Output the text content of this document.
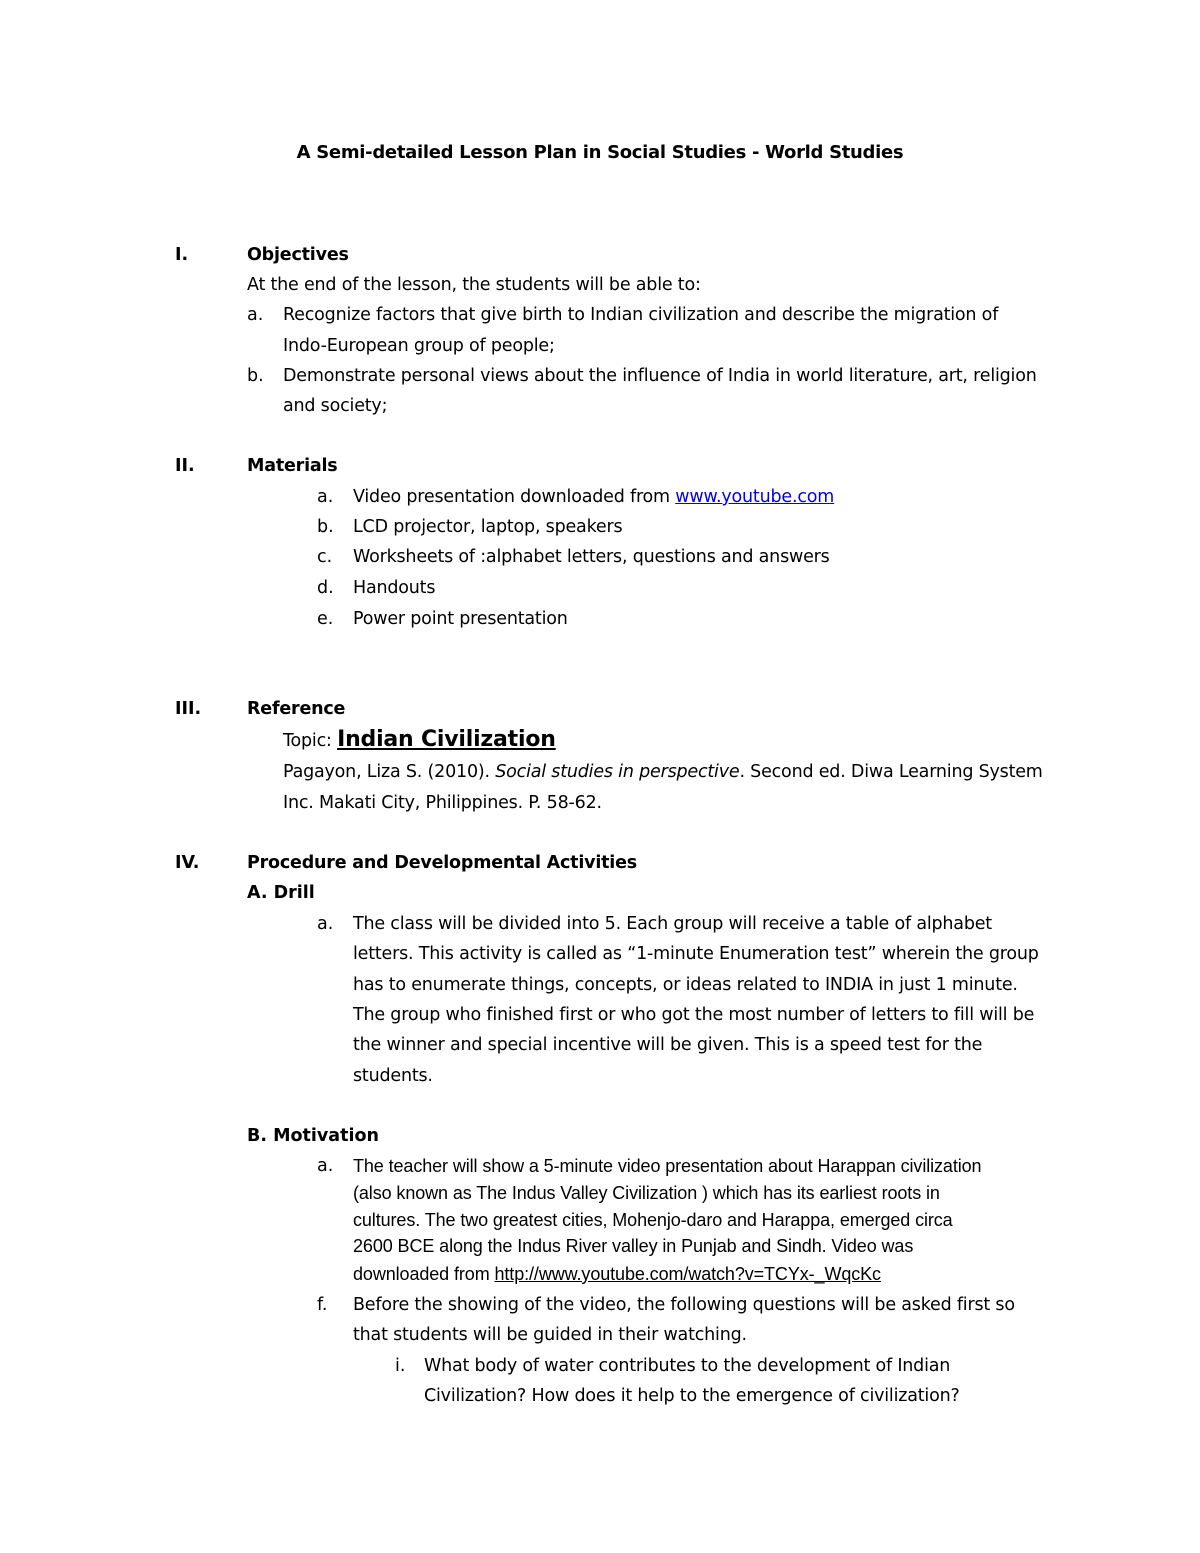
A Semi-detailed Lesson Plan in Social Studies - World Studies
I.	Objectives
At the end of the lesson, the students will be able to:
a. Recognize factors that give birth to Indian civilization and describe the migration of
Indo-European group of people;
b. Demonstrate personal views about the influence of India in world literature, art, religion
and society;
II.	Materials
a. Video presentation downloaded from www.youtube.com
b. LCD projector, laptop, speakers
c. Worksheets of :alphabet letters, questions and answers
d. Handouts
e. Power point presentation
III.	Reference
Topic: Indian Civilization
Pagayon, Liza S. (2010). Social studies in perspective. Second ed. Diwa Learning System
Inc. Makati City, Philippines. P. 58-62.
IV.	Procedure and Developmental Activities
A. Drill
a. The class will be divided into 5. Each group will receive a table of alphabet
letters. This activity is called as “1-minute Enumeration test” wherein the group
has to enumerate things, concepts, or ideas related to INDIA in just 1 minute.
The group who finished first or who got the most number of letters to fill will be
the winner and special incentive will be given. This is a speed test for the
students.
B. Motivation
a. The teacher will show a 5-minute video presentation about Harappan civilization
(also known as The Indus Valley Civilization ) which has its earliest roots in
cultures. The two greatest cities, Mohenjo-daro and Harappa, emerged circa
2600 BCE along the Indus River valley in Punjab and Sindh. Video was
downloaded from http://www.youtube.com/watch?v=TCYx-_WqcKc
f. Before the showing of the video, the following questions will be asked first so
that students will be guided in their watching.
i. What body of water contributes to the development of Indian
Civilization? How does it help to the emergence of civilization?
